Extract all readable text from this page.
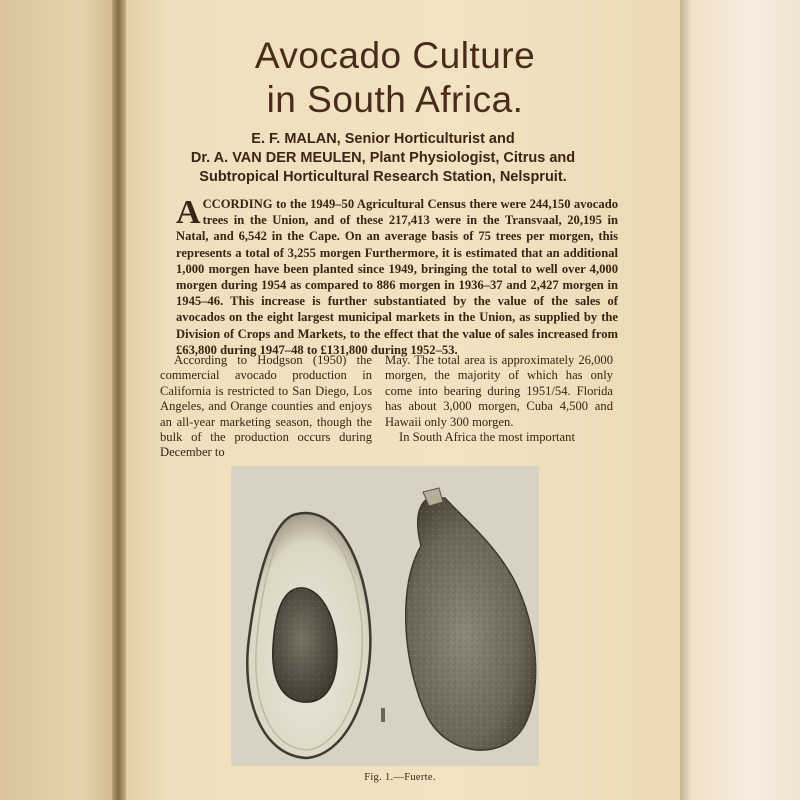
Avocado Culture
in South Africa.
E. F. MALAN, Senior Horticulturist and
Dr. A. VAN DER MEULEN, Plant Physiologist, Citrus and
Subtropical Horticultural Research Station, Nelspruit.
ACCORDING to the 1949–50 Agricultural Census there were 244,150 avocado trees in the Union, and of these 217,413 were in the Transvaal, 20,195 in Natal, and 6,542 in the Cape. On an average basis of 75 trees per morgen, this represents a total of 3,255 morgen Furthermore, it is estimated that an additional 1,000 morgen have been planted since 1949, bringing the total to well over 4,000 morgen during 1954 as compared to 886 morgen in 1936–37 and 2,427 morgen in 1945–46. This increase is further substantiated by the value of the sales of avocados on the eight largest municipal markets in the Union, as supplied by the Division of Crops and Markets, to the effect that the value of sales increased from £63,800 during 1947–48 to £131,800 during 1952–53.
According to Hodgson (1950) the commercial avocado production in California is restricted to San Diego, Los Angeles, and Orange counties and enjoys an all-year marketing season, though the bulk of the production occurs during December to
May. The total area is approximately 26,000 morgen, the majority of which has only come into bearing during 1951/54. Florida has about 3,000 morgen, Cuba 4,500 and Hawaii only 300 morgen.
In South Africa the most important
Fig. 1.—Fuerte.
